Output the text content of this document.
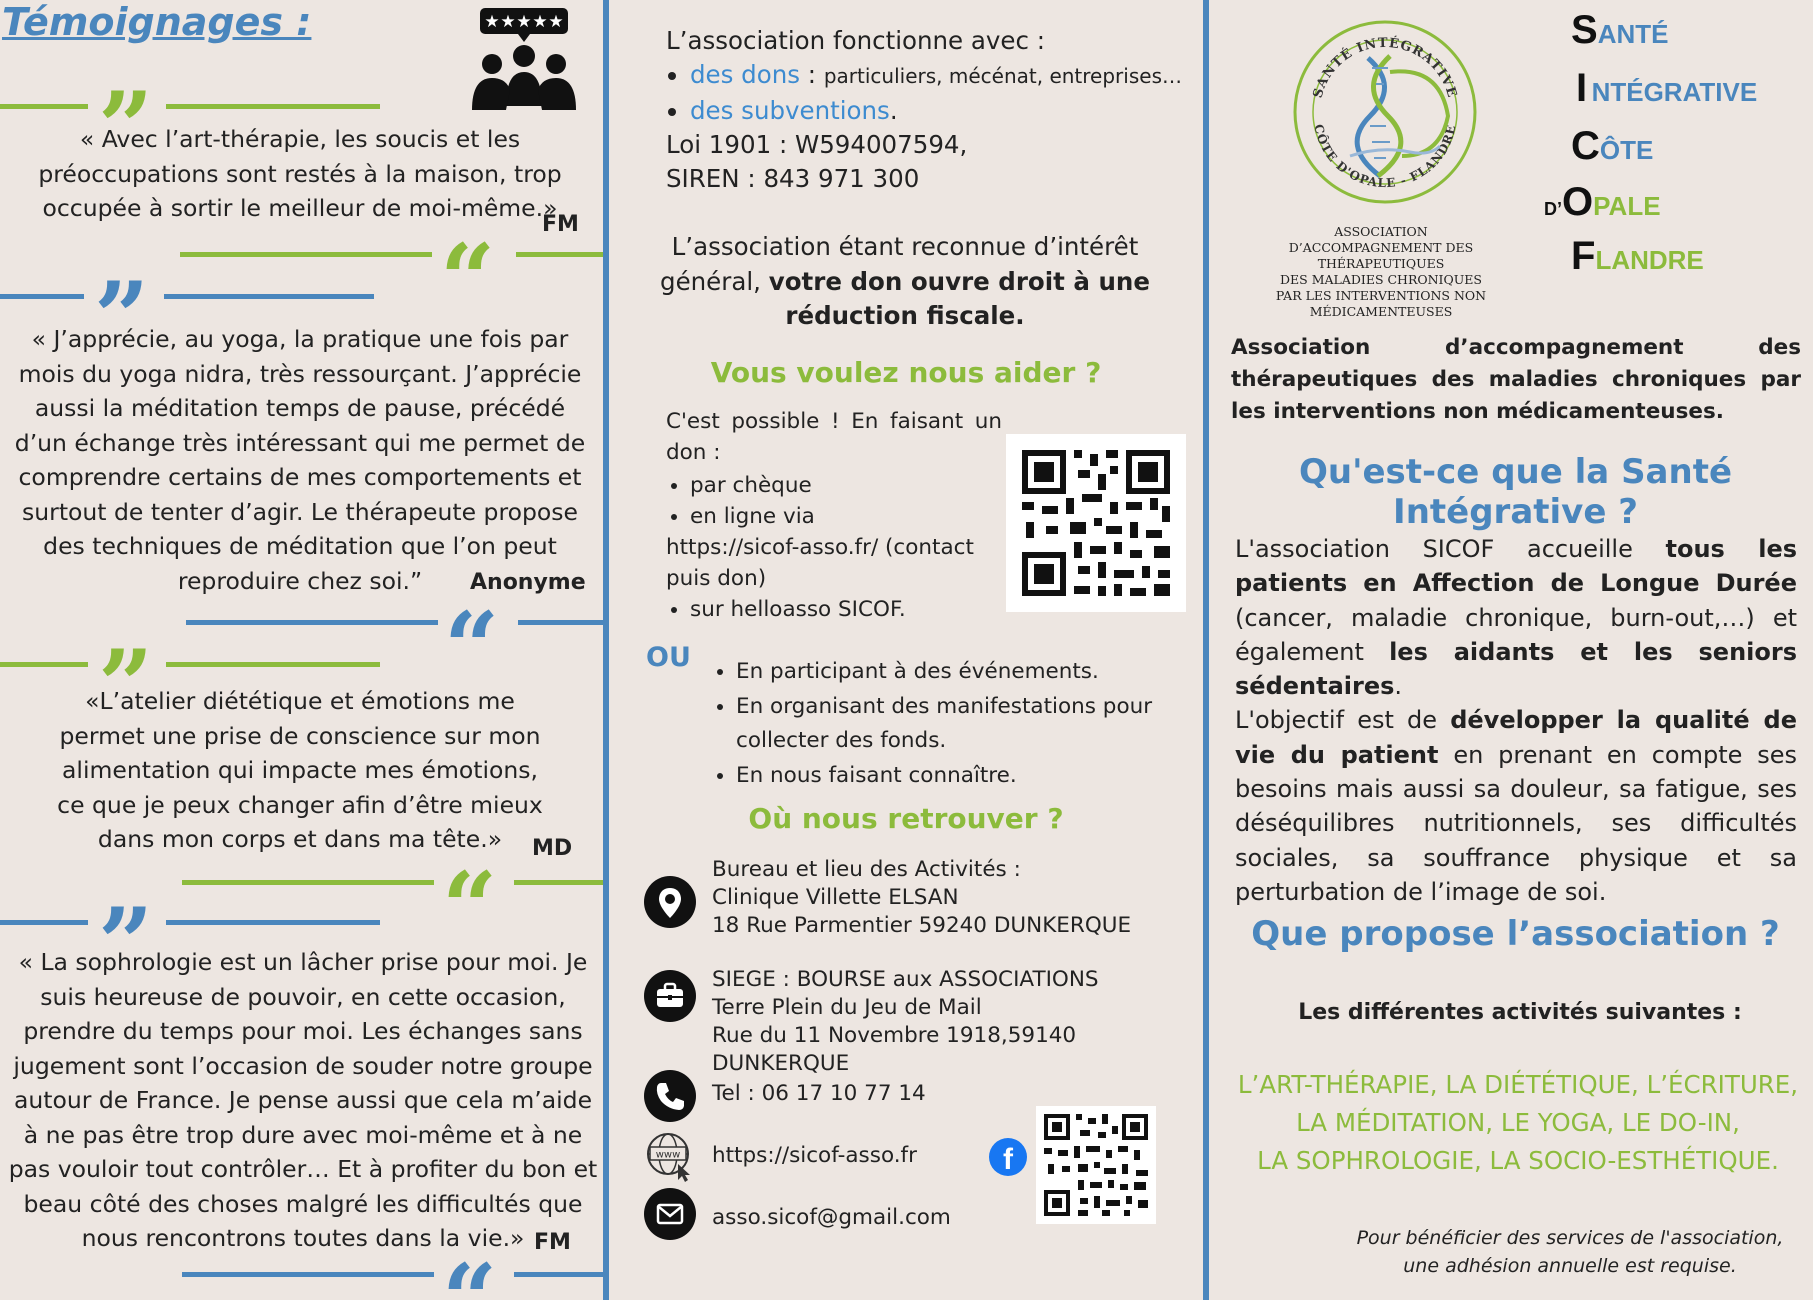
Témoignages :	★ ★ ★ ★ ★
”
« Avec l’art-thérapie, les soucis et les préoccupations sont restés à la maison, trop occupée à sortir le meilleur de moi-même.»
FM
“
”
« J’apprécie, au yoga, la pratique une fois par mois du yoga nidra, très ressourçant. J’apprécie aussi la méditation temps de pause, précédé d’un échange très intéressant qui me permet de comprendre certains de mes comportements et surtout de tenter d’agir. Le thérapeute propose des techniques de méditation que l’on peut reproduire chez soi.”	Anonyme
“
”
«L’atelier diététique et émotions me permet une prise de conscience sur mon alimentation qui impacte mes émotions, ce que je peux changer afin d’être mieux dans mon corps et dans ma tête.»	MD
“
”
« La sophrologie est un lâcher prise pour moi. Je suis heureuse de pouvoir, en cette occasion, prendre du temps pour moi. Les échanges sans jugement sont l’occasion de souder notre groupe autour de France. Je pense aussi que cela m’aide à ne pas être trop dure avec moi-même et à ne pas vouloir tout contrôler… Et à profiter du bon et beau côté des choses malgré les difficultés que nous rencontrons toutes dans la vie.» FM
“
L’association fonctionne avec :
• des dons : particuliers, mécénat, entreprises…
• des subventions.
Loi 1901 : W594007594,
SIREN : 843 971 300
L’association étant reconnue d’intérêt général, votre don ouvre droit à une réduction fiscale.
Vous voulez nous aider ?
C'est possible ! En faisant un don :
• par chèque
• en ligne via
https://sicof-asso.fr/ (contact puis don)
• sur helloasso SICOF.
OU
• En participant à des événements.
• En organisant des manifestations pour collecter des fonds.
• En nous faisant connaître.
Où nous retrouver ?
Bureau et lieu des Activités :
Clinique Villette ELSAN
18 Rue Parmentier 59240 DUNKERQUE
SIEGE : BOURSE aux ASSOCIATIONS
Terre Plein du Jeu de Mail
Rue du 11 Novembre 1918,59140 DUNKERQUE
Tel : 06 17 10 77 14
www https://sicof-asso.fr	f
asso.sicof@gmail.com
SANTÉ INTÉGRATIVE
CÔTE D'OPALE - FLANDRE
ASSOCIATION
D’ACCOMPAGNEMENT DES THÉRAPEUTIQUES
DES MALADIES CHRONIQUES
PAR LES INTERVENTIONS NON MÉDICAMENTEUSES
SANTÉ
I NTÉGRATIVE
CÔTE
D’OPALE
FLANDRE
Association d’accompagnement des thérapeutiques des maladies chroniques par les interventions non médicamenteuses.
Qu'est-ce que la Santé Intégrative ?
L'association SICOF accueille tous les patients en Affection de Longue Durée (cancer, maladie chronique, burn-out,…) et également les aidants et les seniors sédentaires.
L'objectif est de développer la qualité de vie du patient en prenant en compte ses besoins mais aussi sa douleur, sa fatigue, ses déséquilibres nutritionnels, ses difficultés sociales, sa souffrance physique et sa perturbation de l’image de soi.
Que propose l’association ?
Les différentes activités suivantes :
L’ART-THÉRAPIE, LA DIÉTÉTIQUE, L’ÉCRITURE,
LA MÉDITATION, LE YOGA, LE DO-IN,
LA SOPHROLOGIE, LA SOCIO-ESTHÉTIQUE.
Pour bénéficier des services de l'association,
une adhésion annuelle est requise.
